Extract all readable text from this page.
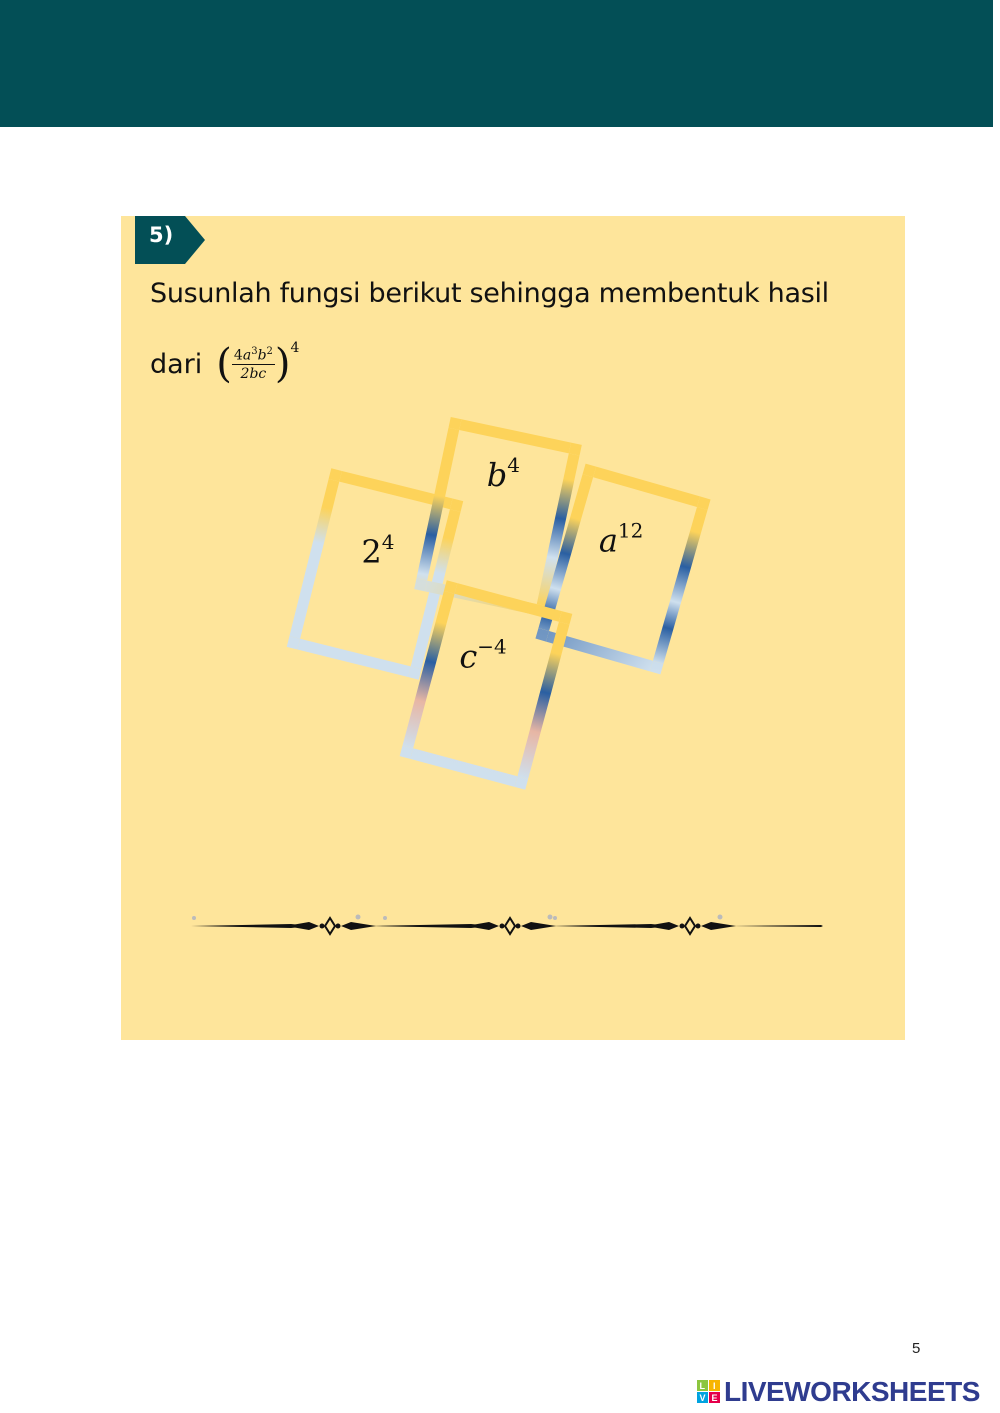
5)
Susunlah fungsi berikut sehingga membentuk hasil
dari ( $\frac{4a^3b^2}{2bc}$ ) 4
$2^4$
$b^4$
$a^{12}$
$c^{-4}$
5
L I
V E LIVEWORKSHEETS
